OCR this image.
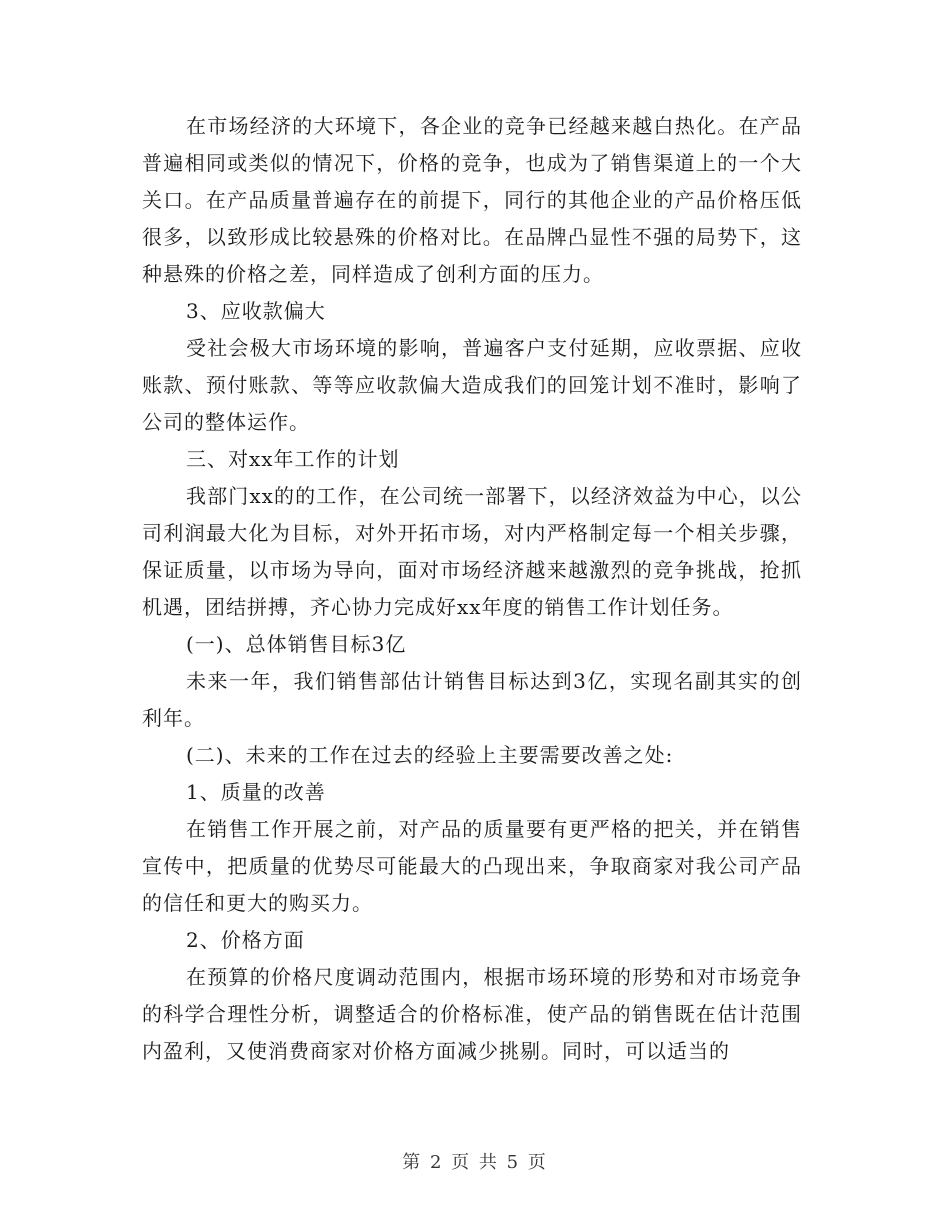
在市场经济的大环境下，各企业的竞争已经越来越白热化。在产品普遍相同或类似的情况下，价格的竞争，也成为了销售渠道上的一个大关口。在产品质量普遍存在的前提下，同行的其他企业的产品价格压低很多，以致形成比较悬殊的价格对比。在品牌凸显性不强的局势下，这种悬殊的价格之差，同样造成了创利方面的压力。

3、应收款偏大

受社会极大市场环境的影响，普遍客户支付延期，应收票据、应收账款、预付账款、等等应收款偏大造成我们的回笼计划不准时，影响了公司的整体运作。

三、对xx年工作的计划

我部门xx的的工作，在公司统一部署下，以经济效益为中心，以公司利润最大化为目标，对外开拓市场，对内严格制定每一个相关步骤，保证质量，以市场为导向，面对市场经济越来越激烈的竞争挑战，抢抓机遇，团结拼搏，齐心协力完成好xx年度的销售工作计划任务。

(一)、总体销售目标3亿

未来一年，我们销售部估计销售目标达到3亿，实现名副其实的创利年。

(二)、未来的工作在过去的经验上主要需要改善之处:

1、质量的改善

在销售工作开展之前，对产品的质量要有更严格的把关，并在销售宣传中，把质量的优势尽可能最大的凸现出来，争取商家对我公司产品的信任和更大的购买力。

2、价格方面

在预算的价格尺度调动范围内，根据市场环境的形势和对市场竞争的科学合理性分析，调整适合的价格标准，使产品的销售既在估计范围内盈利，又使消费商家对价格方面减少挑剔。同时，可以适当的

第 2 页 共 5 页
